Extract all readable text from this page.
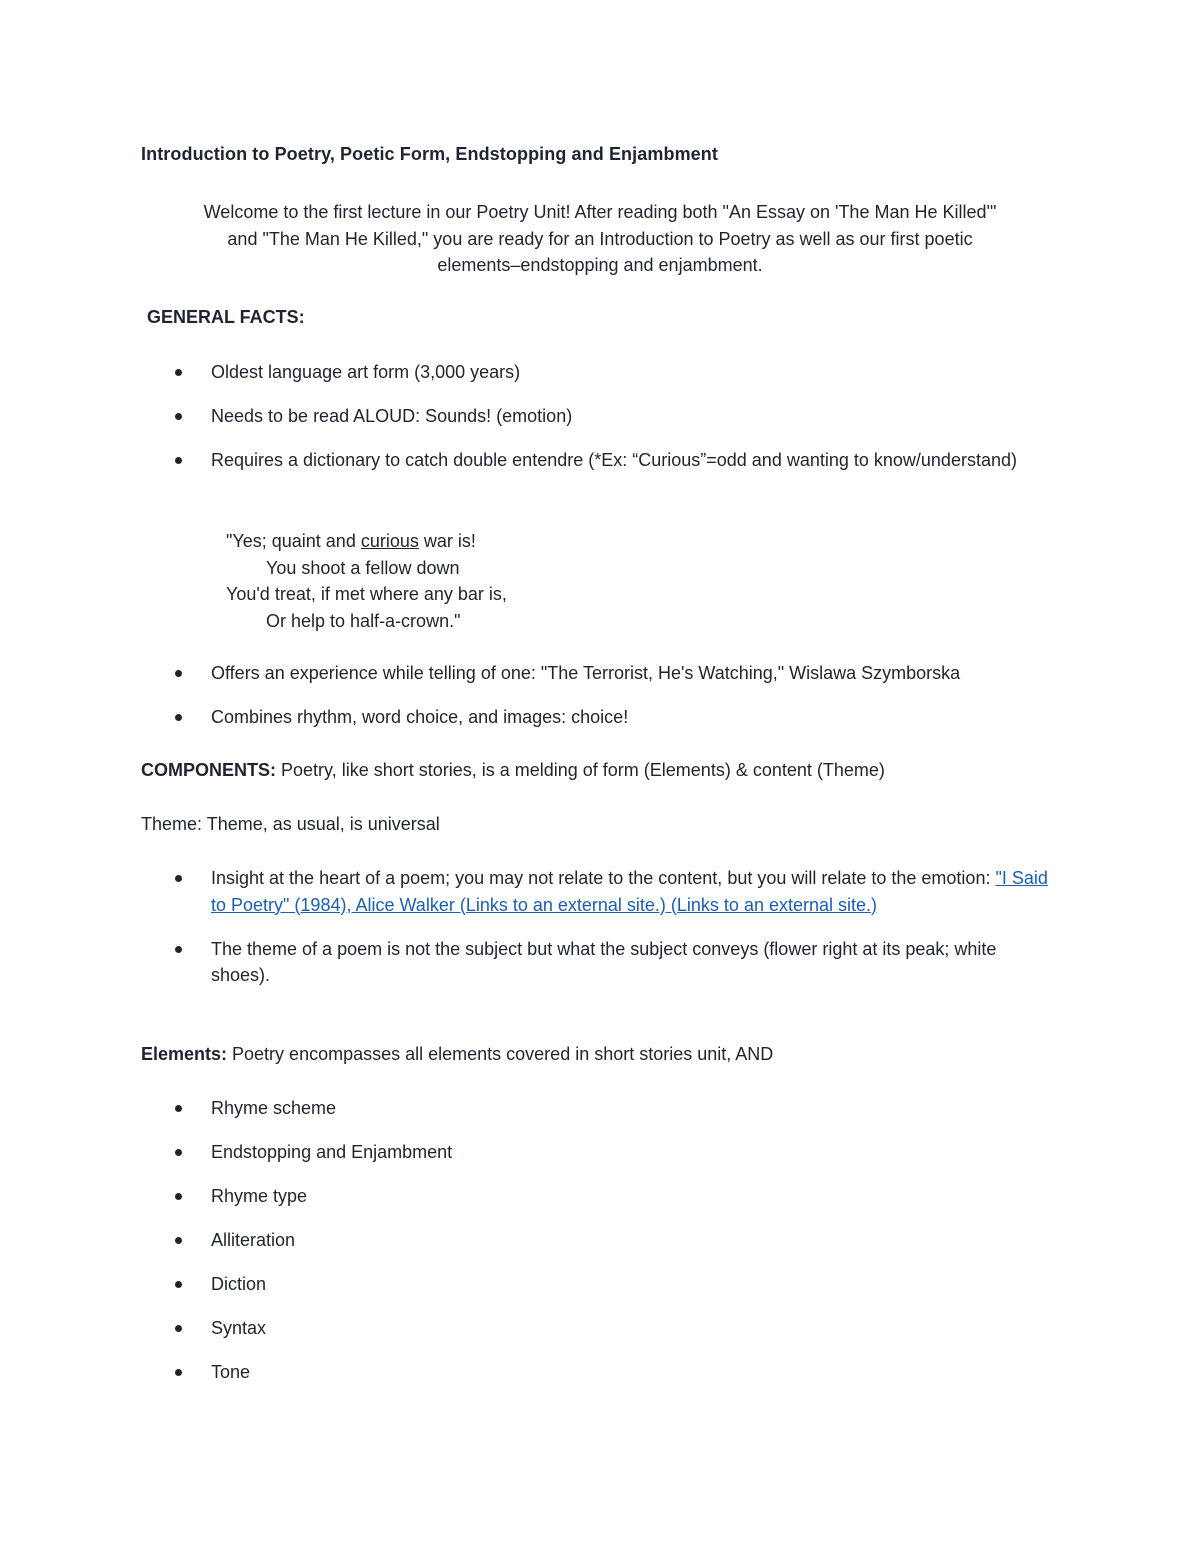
Introduction to Poetry, Poetic Form, Endstopping and Enjambment
Welcome to the first lecture in our Poetry Unit! After reading both "An Essay on 'The Man He Killed'"
and "The Man He Killed," you are ready for an Introduction to Poetry as well as our first poetic
elements–endstopping and enjambment.
GENERAL FACTS:
Oldest language art form (3,000 years)
Needs to be read ALOUD: Sounds! (emotion)
Requires a dictionary to catch double entendre (*Ex: “Curious”=odd and wanting to know/understand)
"Yes; quaint and curious war is!
You shoot a fellow down
You'd treat, if met where any bar is,
Or help to half-a-crown."
Offers an experience while telling of one: "The Terrorist, He's Watching," Wislawa Szymborska
Combines rhythm, word choice, and images: choice!
COMPONENTS: Poetry, like short stories, is a melding of form (Elements) & content (Theme)
Theme: Theme, as usual, is universal
Insight at the heart of a poem; you may not relate to the content, but you will relate to the emotion: "I Said to Poetry" (1984), Alice Walker (Links to an external site.) (Links to an external site.)
The theme of a poem is not the subject but what the subject conveys (flower right at its peak; white shoes).
Elements: Poetry encompasses all elements covered in short stories unit, AND
Rhyme scheme
Endstopping and Enjambment
Rhyme type
Alliteration
Diction
Syntax
Tone
